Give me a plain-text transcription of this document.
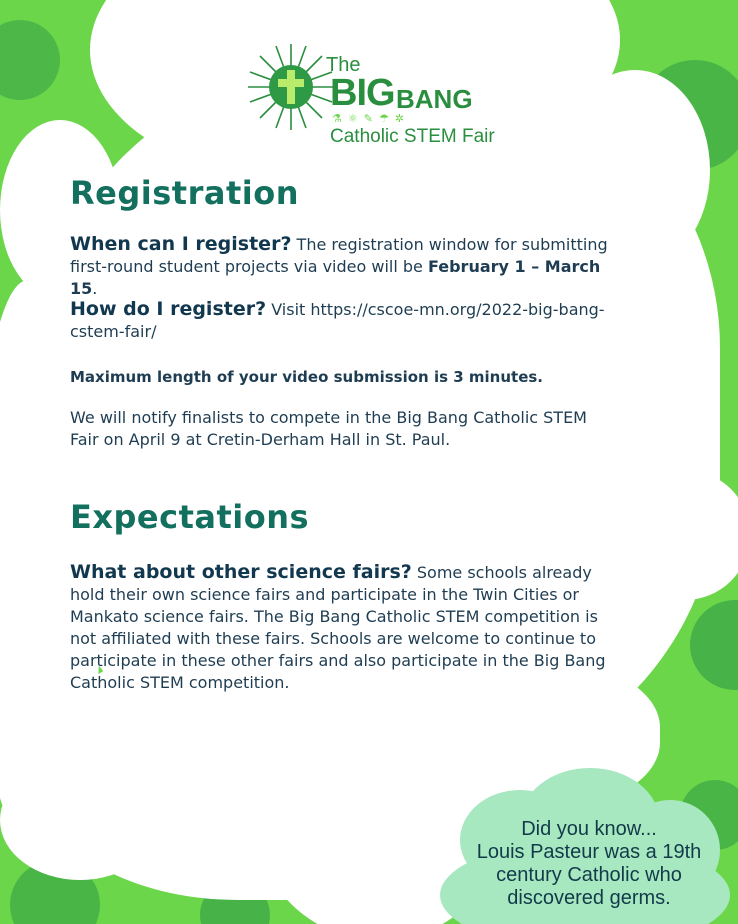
The
BIG BANG
⚗⚛✎☂✲
Catholic STEM Fair
Registration

When can I register? The registration window for submitting first-round student projects via video will be February 1 – March 15.

How do I register? Visit https://cscoe-mn.org/2022-big-bang-cstem-fair/

Maximum length of your video submission is 3 minutes.

We will notify finalists to compete in the Big Bang Catholic STEM Fair on April 9 at Cretin-Derham Hall in St. Paul.

Expectations

What about other science fairs? Some schools already hold their own science fairs and participate in the Twin Cities or Mankato science fairs. The Big Bang Catholic STEM competition is not affiliated with these fairs. Schools are welcome to continue to participate in these other fairs and also participate in the Big Bang Catholic STEM competition.

Did you know...
Louis Pasteur was a 19th century Catholic who discovered germs.
